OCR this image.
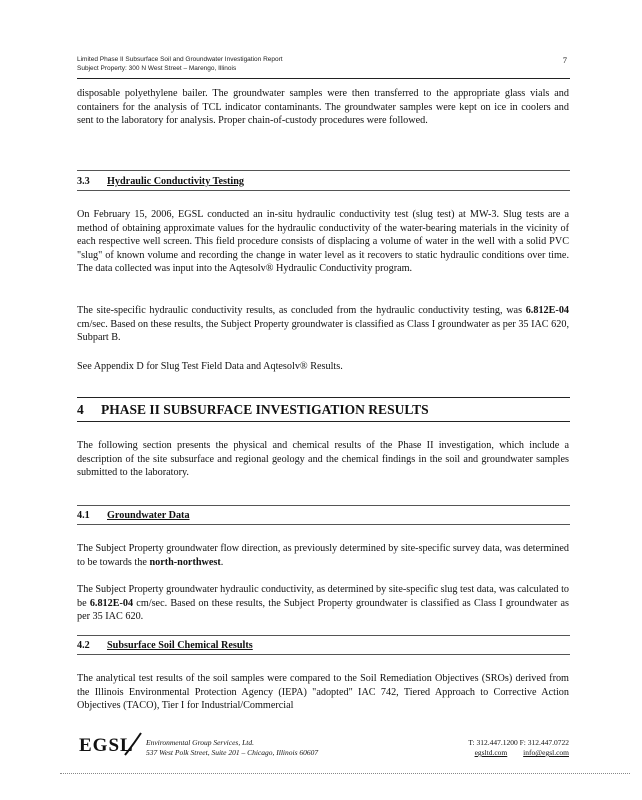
Limited Phase II Subsurface Soil and Groundwater Investigation Report
Subject Property: 300 N West Street – Marengo, Illinois
7
disposable polyethylene bailer. The groundwater samples were then transferred to the appropriate glass vials and containers for the analysis of TCL indicator contaminants. The groundwater samples were kept on ice in coolers and sent to the laboratory for analysis. Proper chain-of-custody procedures were followed.
3.3 Hydraulic Conductivity Testing
On February 15, 2006, EGSL conducted an in-situ hydraulic conductivity test (slug test) at MW-3. Slug tests are a method of obtaining approximate values for the hydraulic conductivity of the water-bearing materials in the vicinity of each respective well screen. This field procedure consists of displacing a volume of water in the well with a solid PVC "slug" of known volume and recording the change in water level as it recovers to static hydraulic conditions over time. The data collected was input into the Aqtesolv® Hydraulic Conductivity program.
The site-specific hydraulic conductivity results, as concluded from the hydraulic conductivity testing, was 6.812E-04 cm/sec. Based on these results, the Subject Property groundwater is classified as Class I groundwater as per 35 IAC 620, Subpart B.
See Appendix D for Slug Test Field Data and Aqtesolv® Results.
4 PHASE II SUBSURFACE INVESTIGATION RESULTS
The following section presents the physical and chemical results of the Phase II investigation, which include a description of the site subsurface and regional geology and the chemical findings in the soil and groundwater samples submitted to the laboratory.
4.1 Groundwater Data
The Subject Property groundwater flow direction, as previously determined by site-specific survey data, was determined to be towards the north-northwest.
The Subject Property groundwater hydraulic conductivity, as determined by site-specific slug test data, was calculated to be 6.812E-04 cm/sec. Based on these results, the Subject Property groundwater is classified as Class I groundwater as per 35 IAC 620.
4.2 Subsurface Soil Chemical Results
The analytical test results of the soil samples were compared to the Soil Remediation Objectives (SROs) derived from the Illinois Environmental Protection Agency (IEPA) "adopted" IAC 742, Tiered Approach to Corrective Action Objectives (TACO), Tier I for Industrial/Commercial
EGSL Environmental Group Services, Ltd.
537 West Polk Street, Suite 201 – Chicago, Illinois 60607
T: 312.447.1200 F: 312.447.0722
egsltd.com info@egsl.com
